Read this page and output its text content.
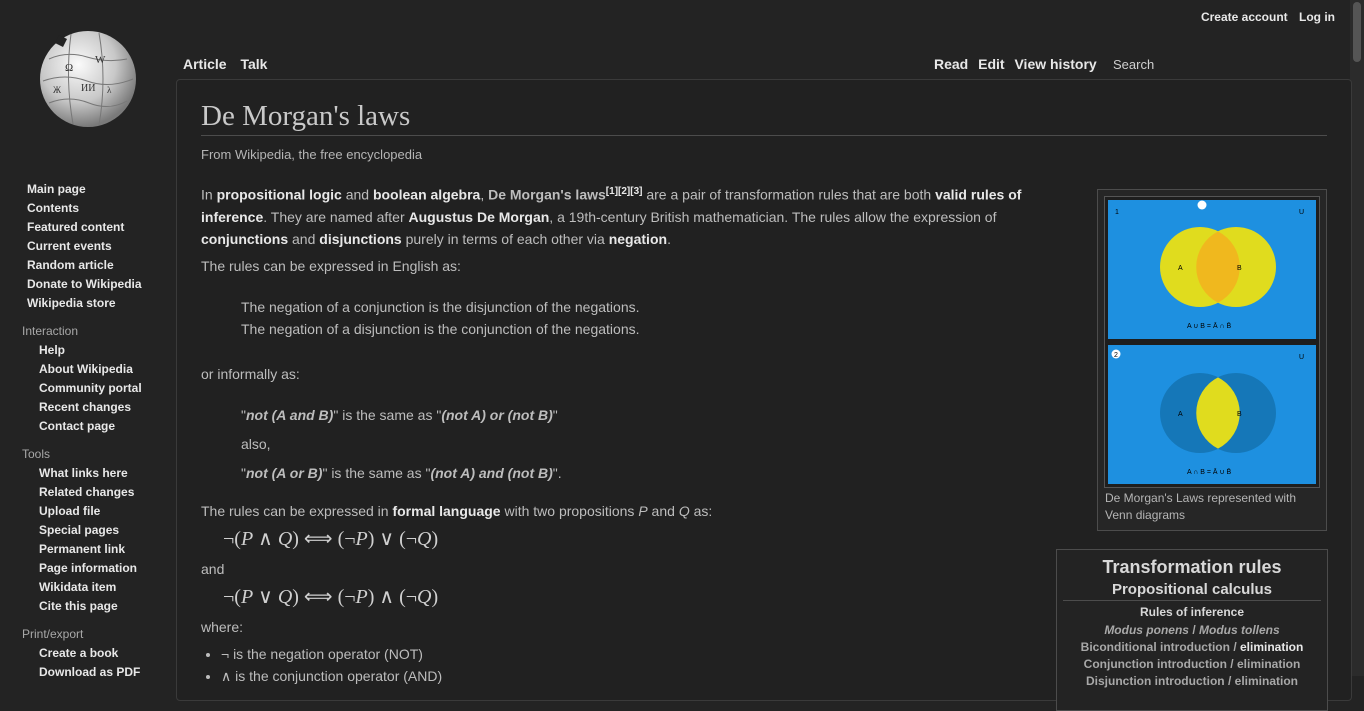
Create account Log in
Ω
W
ИИ
Ж	λ
Main page
Contents
Featured content
Current events
Random article
Donate to Wikipedia
Wikipedia store
Interaction
Help
About Wikipedia
Community portal
Recent changes
Contact page
Tools
What links here
Related changes
Upload file
Special pages
Permanent link
Page information
Wikidata item
Cite this page
Print/export
Create a book
Download as PDF
Article Talk	Read Edit View history
Search
De Morgan's laws
From Wikipedia, the free encyclopedia
In propositional logic and boolean algebra, De Morgan's laws[1][2][3] are a pair of transformation rules that are both valid rules of inference. They are named after Augustus De Morgan, a 19th-century British mathematician. The rules allow the expression of conjunctions and disjunctions purely in terms of each other via negation.
The rules can be expressed in English as:
The negation of a conjunction is the disjunction of the negations.
The negation of a disjunction is the conjunction of the negations.
or informally as:
"not (A and B)" is the same as "(not A) or (not B)"
also,
"not (A or B)" is the same as "(not A) and (not B)".
The rules can be expressed in formal language with two propositions P and Q as:
¬(P ∧ Q) ⟺ (¬P) ∨ (¬Q)
and
¬(P ∨ Q) ⟺ (¬P) ∧ (¬Q)
where:
• ¬ is the negation operator (NOT)
• ∧ is the conjunction operator (AND)
1	U
A	B
A ∪ B = Ā ∩ B̄
2	U
A	B
A ∩ B = Ā ∪ B̄
De Morgan's Laws represented with Venn diagrams
Transformation rules
Propositional calculus
Rules of inference
Modus ponens / Modus tollens
Biconditional introduction / elimination
Conjunction introduction / elimination
Disjunction introduction / elimination
